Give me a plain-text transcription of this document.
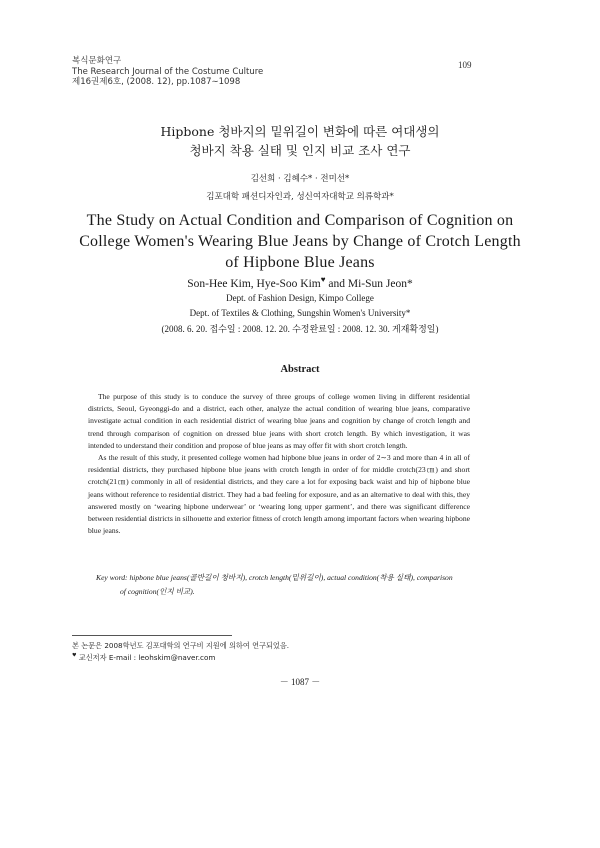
복식문화연구
The Research Journal of the Costume Culture
제16권제6호, (2008. 12), pp.1087∼1098
109
Hipbone 청바지의 밑위길이 변화에 따른 여대생의
청바지 착용 실태 및 인지 비교 조사 연구
김선희 · 김혜수* · 전미선*
김포대학 패션디자인과, 성신여자대학교 의류학과*
The Study on Actual Condition and Comparison of Cognition on
College Women's Wearing Blue Jeans by Change of Crotch Length
of Hipbone Blue Jeans
Son-Hee Kim, Hye-Soo Kim♥ and Mi-Sun Jeon*
Dept. of Fashion Design, Kimpo College
Dept. of Textiles & Clothing, Sungshin Women's University*
(2008. 6. 20. 접수일 : 2008. 12. 20. 수정완료일 : 2008. 12. 30. 게재확정일)
Abstract

The purpose of this study is to conduce the survey of three groups of college women living in different residential districts, Seoul, Gyeonggi-do and a district, each other, analyze the actual condition of wearing blue jeans, comparative investigate actual condition in each residential district of wearing blue jeans and cognition by change of crotch length and trend through comparison of cognition on dressed blue jeans with short crotch length. By which investigation, it was intended to understand their condition and propose of blue jeans as may offer fit with short crotch length.

As the result of this study, it presented college women had hipbone blue jeans in order of 2∼3 and more than 4 in all of residential districts, they purchased hipbone blue jeans with crotch length in order of for middle crotch(23㎝) and short crotch(21㎝) commonly in all of residential districts, and they care a lot for exposing back waist and hip of hipbone blue jeans without reference to residential district. They had a bad feeling for exposure, and as an alternative to deal with this, they answered mostly on ‘wearing hipbone underwear’ or ‘wearing long upper garment’, and there was significant difference between residential districts in silhouette and exterior fitness of crotch length among important factors when wearing hipbone blue jeans.

Key word: hipbone blue jeans(골반길이 청바지), crotch length(밑위길이), actual condition(착용 실태), comparison
of cognition(인지 비교).
본 논문은 2008학년도 김포대학의 연구비 지원에 의하여 연구되었음.
♥ 교신저자 E-mail : leohskim@naver.com
－ 1087 －
